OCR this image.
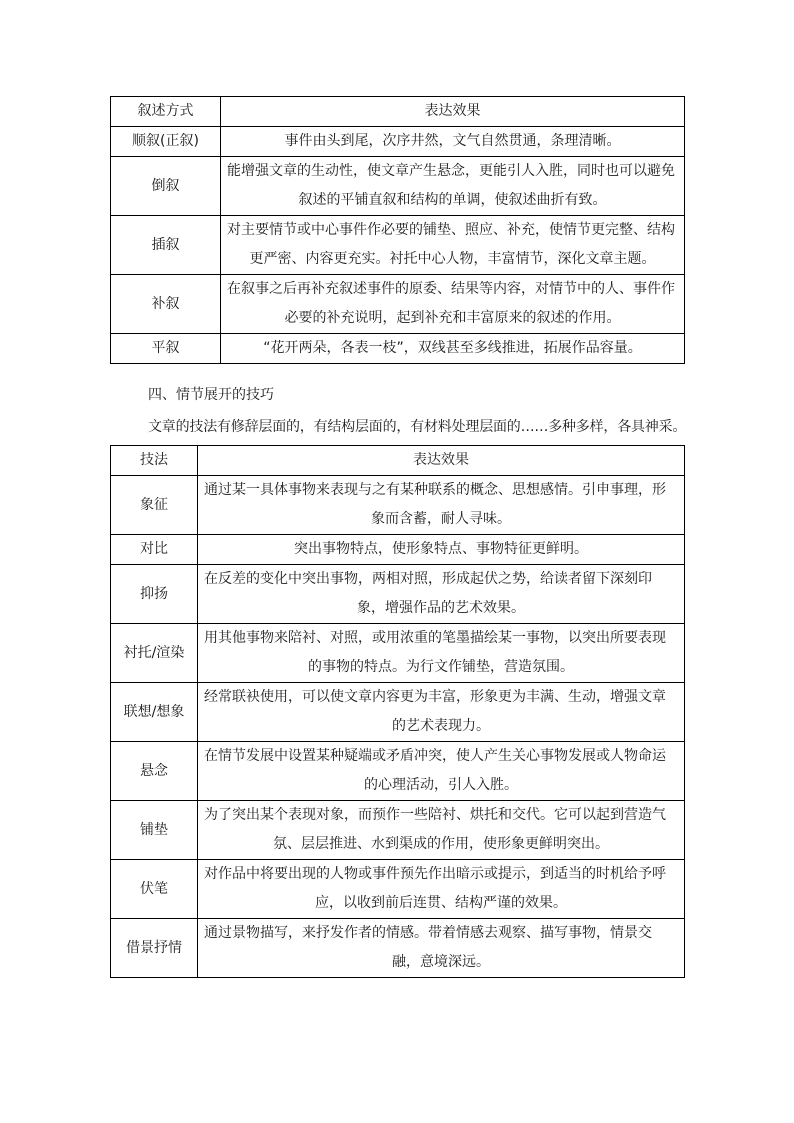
叙述方式	表达效果
顺叙(正叙)	事件由头到尾，次序井然，文气自然贯通，条理清晰。
倒叙	能增强文章的生动性，使文章产生悬念，更能引人入胜，同时也可以避免叙述的平铺直叙和结构的单调，使叙述曲折有致。
插叙	对主要情节或中心事件作必要的铺垫、照应、补充，使情节更完整、结构更严密、内容更充实。衬托中心人物，丰富情节，深化文章主题。
补叙	在叙事之后再补充叙述事件的原委、结果等内容，对情节中的人、事件作必要的补充说明，起到补充和丰富原来的叙述的作用。
平叙	“花开两朵，各表一枝”，双线甚至多线推进，拓展作品容量。
四、情节展开的技巧
文章的技法有修辞层面的，有结构层面的，有材料处理层面的……多种多样，各具神采。
技法	表达效果
象征	通过某一具体事物来表现与之有某种联系的概念、思想感情。引申事理，形象而含蓄，耐人寻味。
对比	突出事物特点，使形象特点、事物特征更鲜明。
抑扬	在反差的变化中突出事物，两相对照，形成起伏之势，给读者留下深刻印象，增强作品的艺术效果。
衬托/渲染	用其他事物来陪衬、对照，或用浓重的笔墨描绘某一事物，以突出所要表现的事物的特点。为行文作铺垫，营造氛围。
联想/想象	经常联袂使用，可以使文章内容更为丰富，形象更为丰满、生动，增强文章的艺术表现力。
悬念	在情节发展中设置某种疑端或矛盾冲突，使人产生关心事物发展或人物命运的心理活动，引人入胜。
铺垫	为了突出某个表现对象，而预作一些陪衬、烘托和交代。它可以起到营造气氛、层层推进、水到渠成的作用，使形象更鲜明突出。
伏笔	对作品中将要出现的人物或事件预先作出暗示或提示，到适当的时机给予呼应，以收到前后连贯、结构严谨的效果。
借景抒情	通过景物描写，来抒发作者的情感。带着情感去观察、描写事物，情景交融，意境深远。
